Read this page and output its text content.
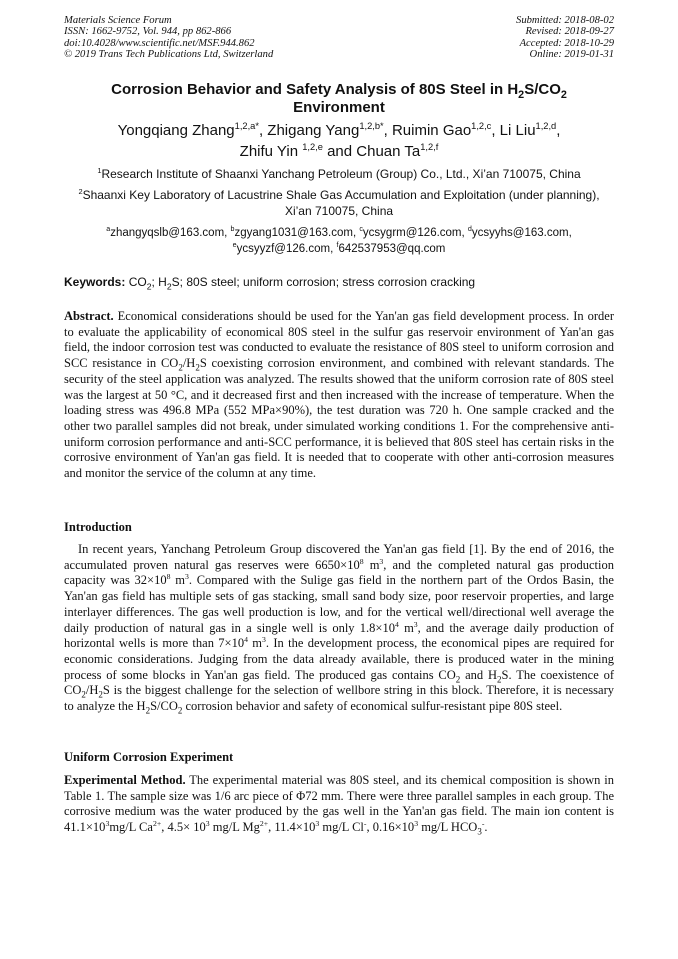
Materials Science Forum
ISSN: 1662-9752, Vol. 944, pp 862-866
doi:10.4028/www.scientific.net/MSF.944.862
© 2019 Trans Tech Publications Ltd, Switzerland
Submitted: 2018-08-02
Revised: 2018-09-27
Accepted: 2018-10-29
Online: 2019-01-31
Corrosion Behavior and Safety Analysis of 80S Steel in $H_2S/CO_2$
Environment
Yongqiang Zhang$^{1,2,a*}$, Zhigang Yang$^{1,2,b*}$, Ruimin Gao$^{1,2,c}$, Li Liu$^{1,2,d}$,
Zhifu Yin $^{1,2,e}$ and Chuan Ta$^{1,2,f}$
$^1$Research Institute of Shaanxi Yanchang Petroleum (Group) Co., Ltd., Xi’an 710075, China
$^2$Shaanxi Key Laboratory of Lacustrine Shale Gas Accumulation and Exploitation (under planning), Xi’an 710075, China
$^a$zhangyqslb@163.com, $^b$zgyang1031@163.com, $^c$ycsygrm@126.com, $^d$ycsyyhs@163.com,
$^e$ycsyyzf@126.com, $^f$642537953@qq.com
Keywords: $CO_2$; $H_2S$; 80S steel; uniform corrosion; stress corrosion cracking
Abstract. Economical considerations should be used for the Yan'an gas field development process. In order to evaluate the applicability of economical 80S steel in the sulfur gas reservoir environment of Yan'an gas field, the indoor corrosion test was conducted to evaluate the resistance of 80S steel to uniform corrosion and SCC resistance in $CO_2/H_2S$ coexisting corrosion environment, and combined with relevant standards. The security of the steel application was analyzed. The results showed that the uniform corrosion rate of 80S steel was the largest at 50 °C, and it decreased first and then increased with the increase of temperature. When the loading stress was 496.8 MPa (552 MPa×90%), the test duration was 720 h. One sample cracked and the other two parallel samples did not break, under simulated working conditions 1. For the comprehensive anti-uniform corrosion performance and anti-SCC performance, it is believed that 80S steel has certain risks in the corrosive environment of Yan'an gas field. It is needed that to cooperate with other anti-corrosion measures and monitor the service of the column at any time.
Introduction
In recent years, Yanchang Petroleum Group discovered the Yan'an gas field [1]. By the end of 2016, the accumulated proven natural gas reserves were $6650\times 10^8$ $m^3$, and the completed natural gas production capacity was $32\times 10^8$ $m^3$. Compared with the Sulige gas field in the northern part of the Ordos Basin, the Yan'an gas field has multiple sets of gas stacking, small sand body size, poor reservoir properties, and large interlayer differences. The gas well production is low, and for the vertical well/directional well average the daily production of natural gas in a single well is only $1.8\times 10^4$ $m^3$, and the average daily production of horizontal wells is more than $7\times 10^4$ $m^3$. In the development process, the economical pipes are required for economic considerations. Judging from the data already available, there is produced water in the mining process of some blocks in Yan'an gas field. The produced gas contains $CO_2$ and $H_2S$. The coexistence of $CO_2/H_2S$ is the biggest challenge for the selection of wellbore string in this block. Therefore, it is necessary to analyze the $H_2S/CO_2$ corrosion behavior and safety of economical sulfur-resistant pipe 80S steel.
Uniform Corrosion Experiment
Experimental Method. The experimental material was 80S steel, and its chemical composition is shown in Table 1. The sample size was 1/6 arc piece of Φ72 mm. There were three parallel samples in each group. The corrosive medium was the water produced by the gas well in the Yan'an gas field. The main ion content is $41.1\times 10^3mg/L$ $Ca^{2+}$, $4.5\times 10^3$ mg/L $Mg^{2+}$, $11.4\times 10^3$ mg/L Cl-, $0.16\times 10^3$ mg/L $HCO_3^-$.
